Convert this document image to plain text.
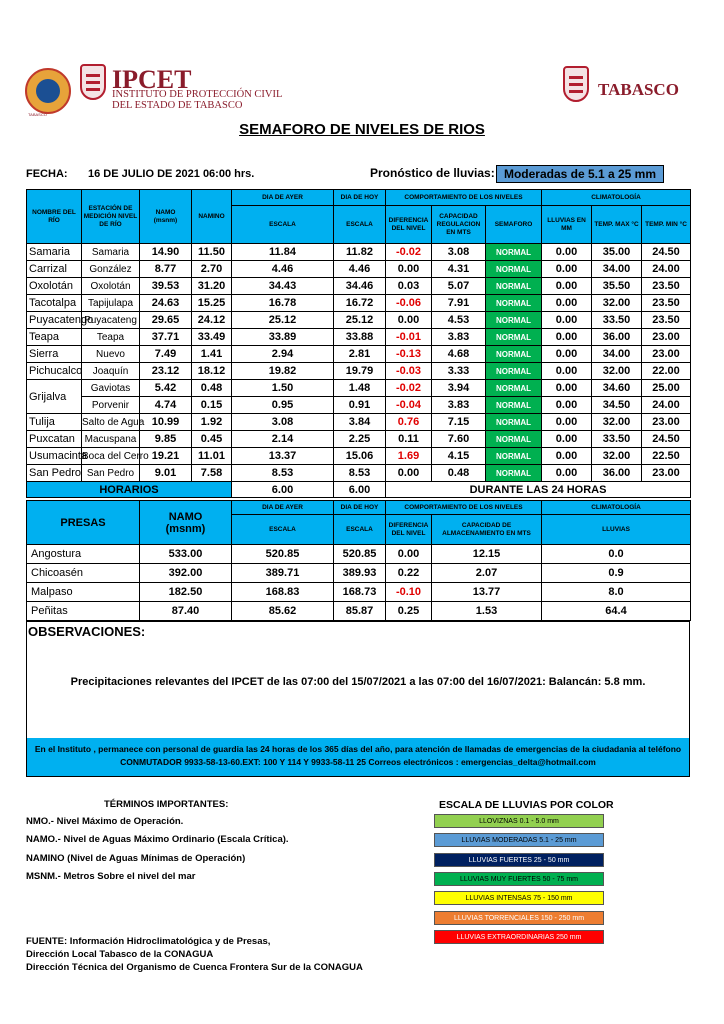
IPCET
INSTITUTO DE PROTECCIÓN CIVIL
DEL ESTADO DE TABASCO
TABASCO
TABASCO
SEMAFORO DE NIVELES DE RIOS
FECHA: 16 DE JULIO DE 2021 06:00 hrs.	Pronóstico de lluvias: Moderadas de 5.1 a 25 mm
NOMBRE DEL RÍO	ESTACIÓN DE MEDICIÓN NIVEL DE RÍO	NAMO
(msnm)	NAMINO	DIA DE AYER	DIA DE HOY	COMPORTAMIENTO DE LOS NIVELES			CLIMATOLOGÍA		
				ESCALA	ESCALA	DIFERENCIA DEL NIVEL	CAPACIDAD REGULACION EN MTS	SEMAFORO	LLUVIAS EN MM	TEMP. MAX °C	TEMP. MIN °C
Samaria	Samaria	14.90	11.50	11.84	11.82	-0.02	3.08	NORMAL	0.00	35.00	24.50
Carrizal	González	8.77	2.70	4.46	4.46	0.00	4.31	NORMAL	0.00	34.00	24.00
Oxolotán	Oxolotán	39.53	31.20	34.43	34.46	0.03	5.07	NORMAL	0.00	35.50	23.50
Tacotalpa	Tapijulapa	24.63	15.25	16.78	16.72	-0.06	7.91	NORMAL	0.00	32.00	23.50
Puyacatengo	Puyacateng	29.65	24.12	25.12	25.12	0.00	4.53	NORMAL	0.00	33.50	23.50
Teapa	Teapa	37.71	33.49	33.89	33.88	-0.01	3.83	NORMAL	0.00	36.00	23.00
Sierra	Nuevo	7.49	1.41	2.94	2.81	-0.13	4.68	NORMAL	0.00	34.00	23.00
Pichucalco	Joaquín	23.12	18.12	19.82	19.79	-0.03	3.33	NORMAL	0.00	32.00	22.00
Grijalva	Gaviotas	5.42	0.48	1.50	1.48	-0.02	3.94	NORMAL	0.00	34.60	25.00
	Porvenir	4.74	0.15	0.95	0.91	-0.04	3.83	NORMAL	0.00	34.50	24.00
Tulija	Salto de Agua	10.99	1.92	3.08	3.84	0.76	7.15	NORMAL	0.00	32.00	23.00
Puxcatan	Macuspana	9.85	0.45	2.14	2.25	0.11	7.60	NORMAL	0.00	33.50	24.50
Usumacinta	Boca del Cerro	19.21	11.01	13.37	15.06	1.69	4.15	NORMAL	0.00	32.00	22.50
San Pedro	San Pedro	9.01	7.58	8.53	8.53	0.00	0.48	NORMAL	0.00	36.00	23.00
HORARIOS				6.00	6.00	DURANTE LAS 24 HORAS					
PRESAS	NAMO
(msnm)	DIA DE AYER	DIA DE HOY	COMPORTAMIENTO DE LOS NIVELES		CLIMATOLOGÍA
		ESCALA	ESCALA	DIFERENCIA DEL NIVEL	CAPACIDAD DE ALMACENAMIENTO EN MTS	LLUVIAS
Angostura	533.00	520.85	520.85	0.00	12.15	0.0
Chicoasén	392.00	389.71	389.93	0.22	2.07	0.9
Malpaso	182.50	168.83	168.73	-0.10	13.77	8.0
Peñitas	87.40	85.62	85.87	0.25	1.53	64.4
OBSERVACIONES:
Precipitaciones relevantes del IPCET de las 07:00 del 15/07/2021 a las 07:00 del 16/07/2021: Balancán: 5.8 mm.
En el Instituto , permanece con personal de guardia las 24 horas de los 365 días del año, para atención de llamadas de emergencias de la ciudadania al teléfono
CONMUTADOR 9933-58-13-60.EXT: 100 Y 114 Y 9933-58-11 25 Correos electrónicos : emergencias_delta@hotmail.com
TÉRMINOS IMPORTANTES:
NMO.- Nivel Máximo de Operación.
NAMO.- Nivel de Aguas Máximo Ordinario (Escala Crítica).
NAMINO (Nivel de Aguas Mínimas de Operación)
MSNM.- Metros Sobre el nivel del mar
ESCALA DE LLUVIAS POR COLOR
LLOVIZNAS 0.1 - 5.0 mm
LLUVIAS MODERADAS 5.1 - 25 mm
LLUVIAS FUERTES 25 - 50 mm
LLUVIAS MUY FUERTES 50 - 75 mm
LLUVIAS INTENSAS 75 - 150 mm
LLUVIAS TORRENCIALES 150 - 250 mm
LLUVIAS EXTRAORDINARIAS 250 mm
FUENTE: Información Hidroclimatológica y de Presas,
Dirección Local Tabasco de la CONAGUA
Dirección Técnica del Organismo de Cuenca Frontera Sur de la CONAGUA
